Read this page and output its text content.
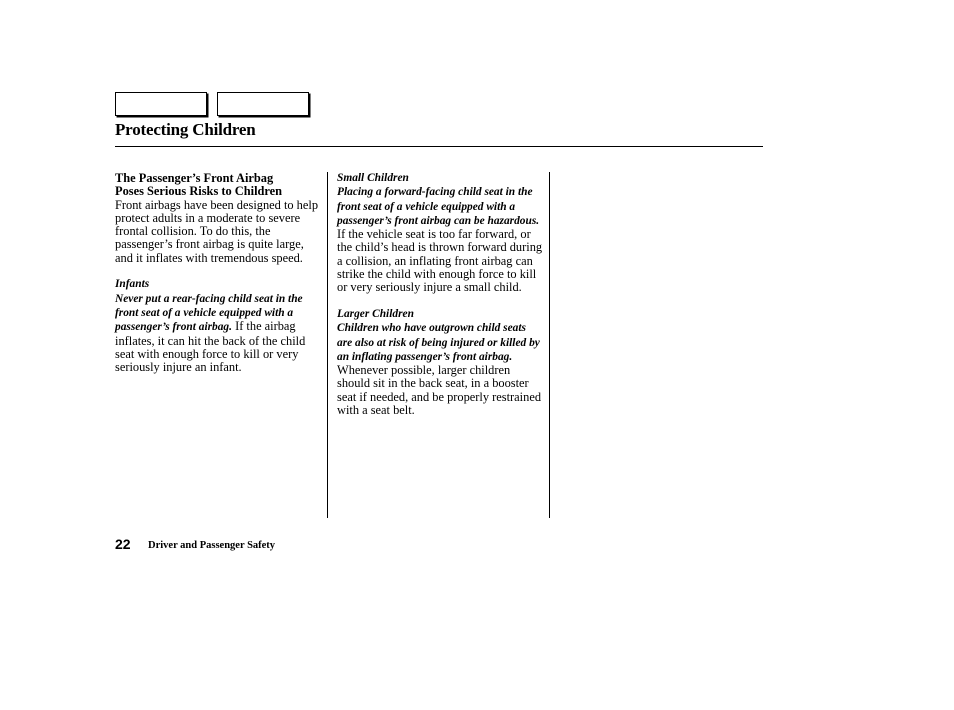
Protecting Children
The Passenger’s Front Airbag
Poses Serious Risks to Children

Front airbags have been designed to help protect adults in a moderate to severe frontal collision. To do this, the passenger’s front airbag is quite large, and it inflates with tremendous speed.

Infants

Never put a rear-facing child seat in the front seat of a vehicle equipped with a passenger’s front airbag. If the airbag inflates, it can hit the back of the child seat with enough force to kill or very seriously injure an infant.

Small Children

Placing a forward-facing child seat in the front seat of a vehicle equipped with a passenger’s front airbag can be hazardous. If the vehicle seat is too far forward, or the child’s head is thrown forward during a collision, an inflating front airbag can strike the child with enough force to kill or very seriously injure a small child.

Larger Children

Children who have outgrown child seats are also at risk of being injured or killed by an inflating passenger’s front airbag. Whenever possible, larger children should sit in the back seat, in a booster seat if needed, and be properly restrained with a seat belt.

22 Driver and Passenger Safety
